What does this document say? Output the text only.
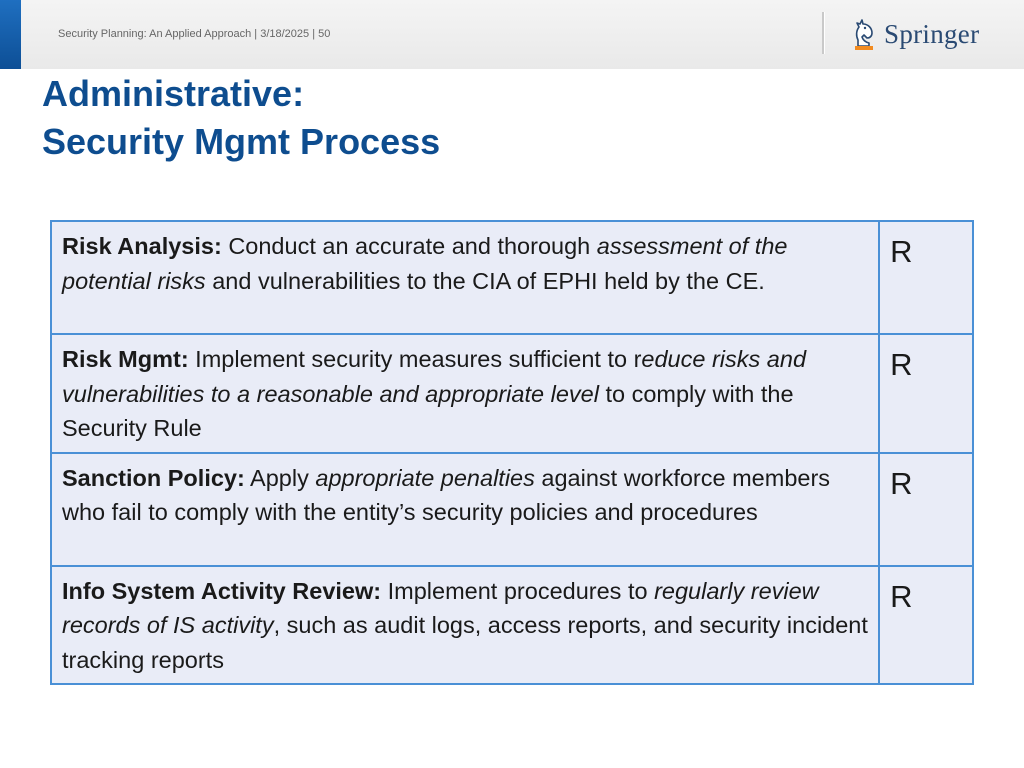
Security Planning: An Applied Approach | 3/18/2025 | 50	Springer
Administrative:
Security Mgmt Process
Risk Analysis: Conduct an accurate and thorough assessment of the potential risks and vulnerabilities to the CIA of EPHI held by the CE.	R
Risk Mgmt: Implement security measures sufficient to reduce risks and vulnerabilities to a reasonable and appropriate level to comply with the Security Rule	R
Sanction Policy: Apply appropriate penalties against workforce members who fail to comply with the entity’s security policies and procedures	R
Info System Activity Review: Implement procedures to regularly review records of IS activity, such as audit logs, access reports, and security incident tracking reports	R
